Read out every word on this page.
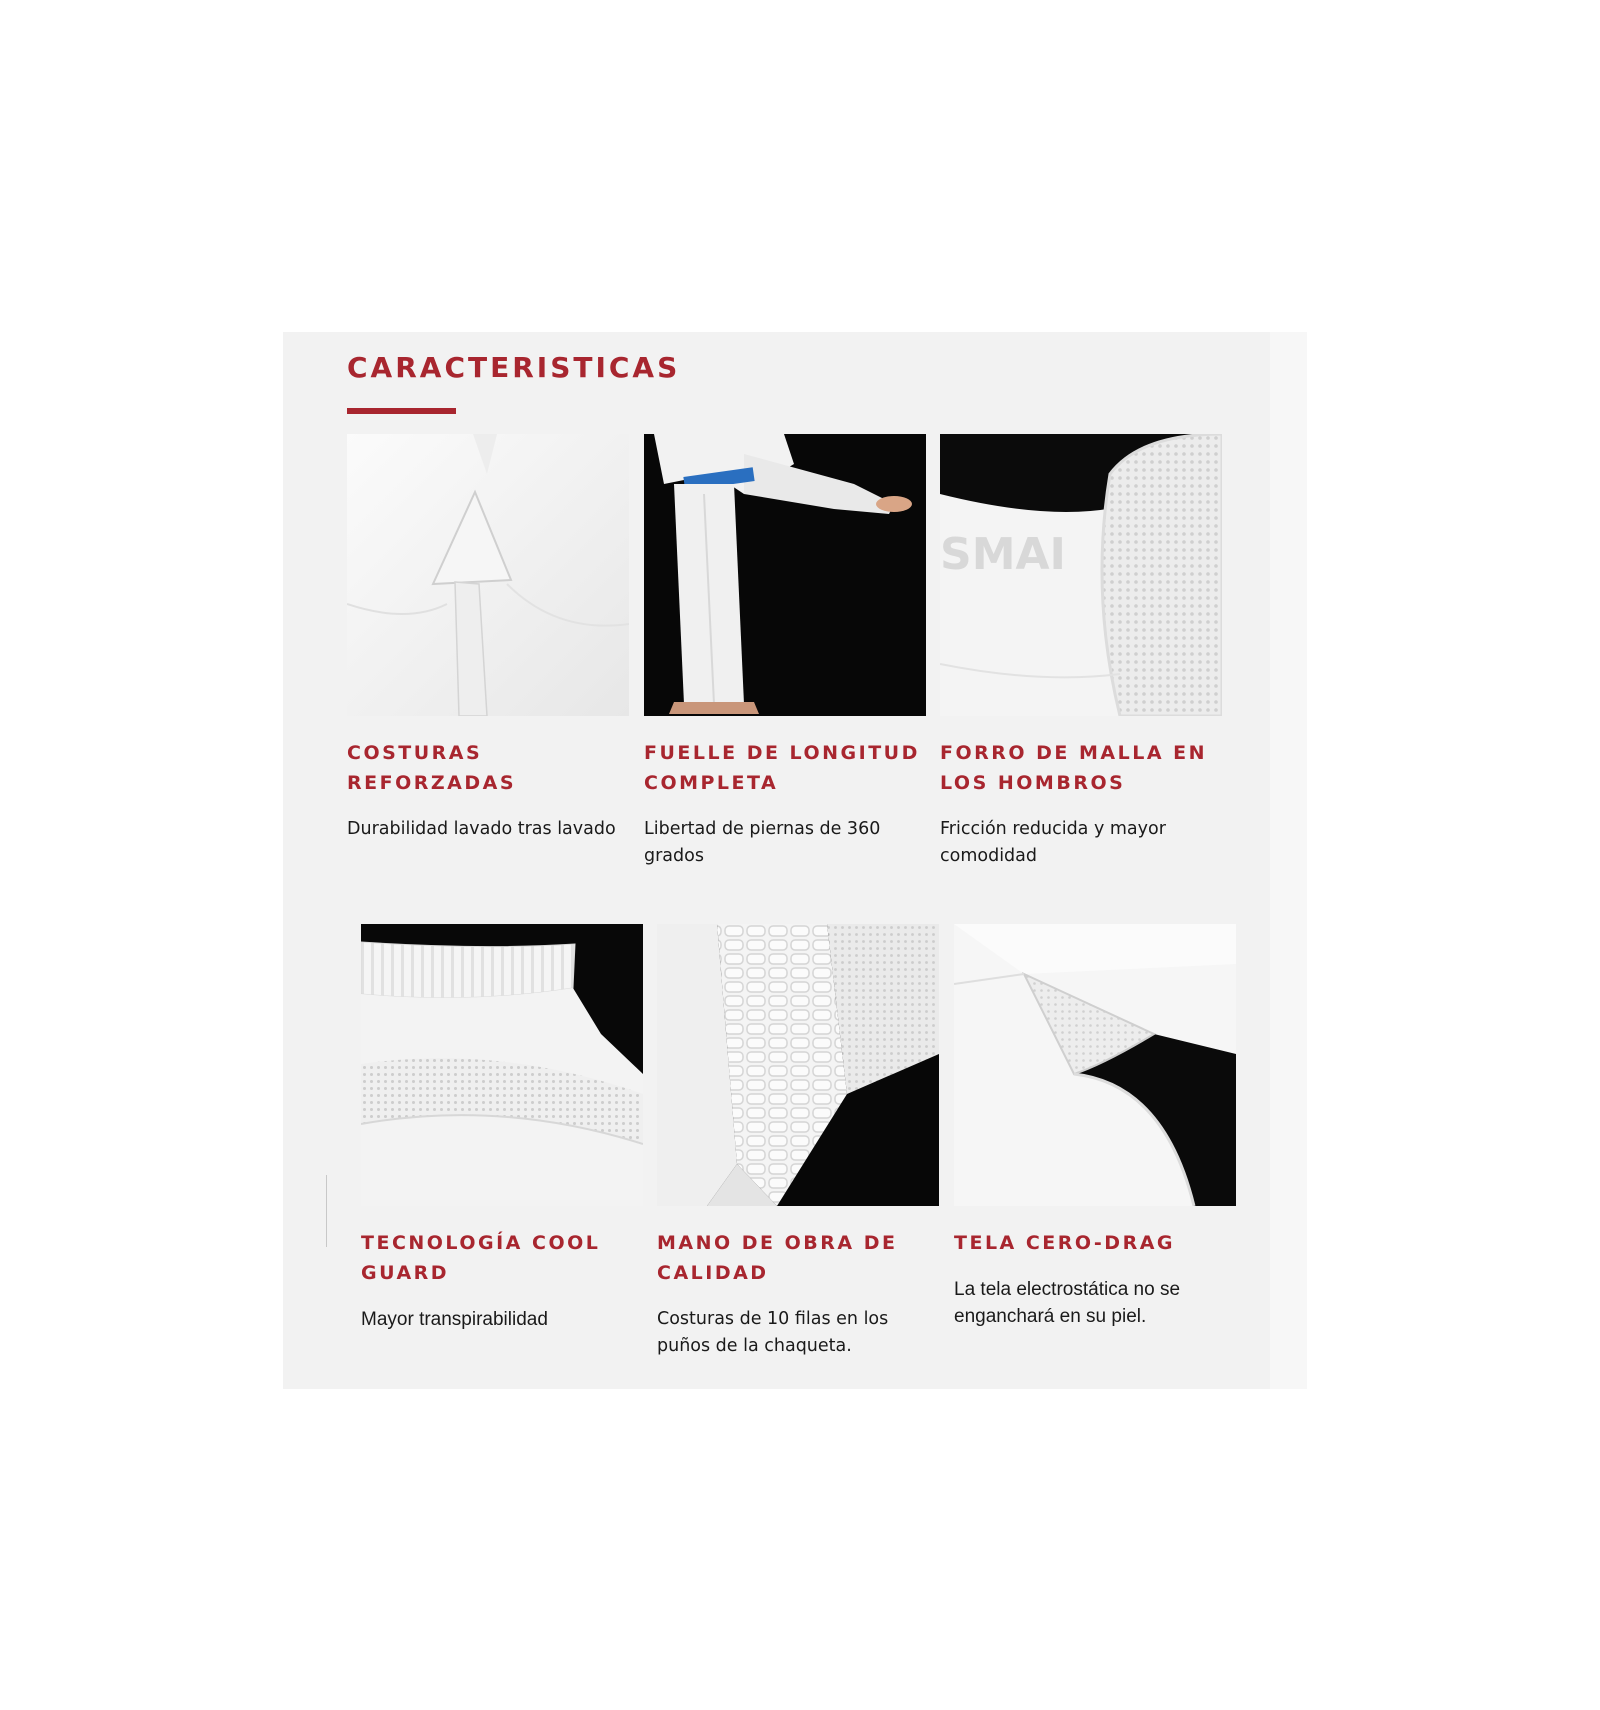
CARACTERISTICAS
COSTURAS REFORZADAS

Durabilidad lavado tras lavado

FUELLE DE LONGITUD COMPLETA

Libertad de piernas de 360 grados

SMAI
FORRO DE MALLA EN LOS HOMBROS

Fricción reducida y mayor comodidad

TECNOLOGÍA COOL GUARD

Mayor transpirabilidad

MANO DE OBRA DE CALIDAD

Costuras de 10 filas en los puños de la chaqueta.

TELA CERO-DRAG

La tela electrostática no se enganchará en su piel.
